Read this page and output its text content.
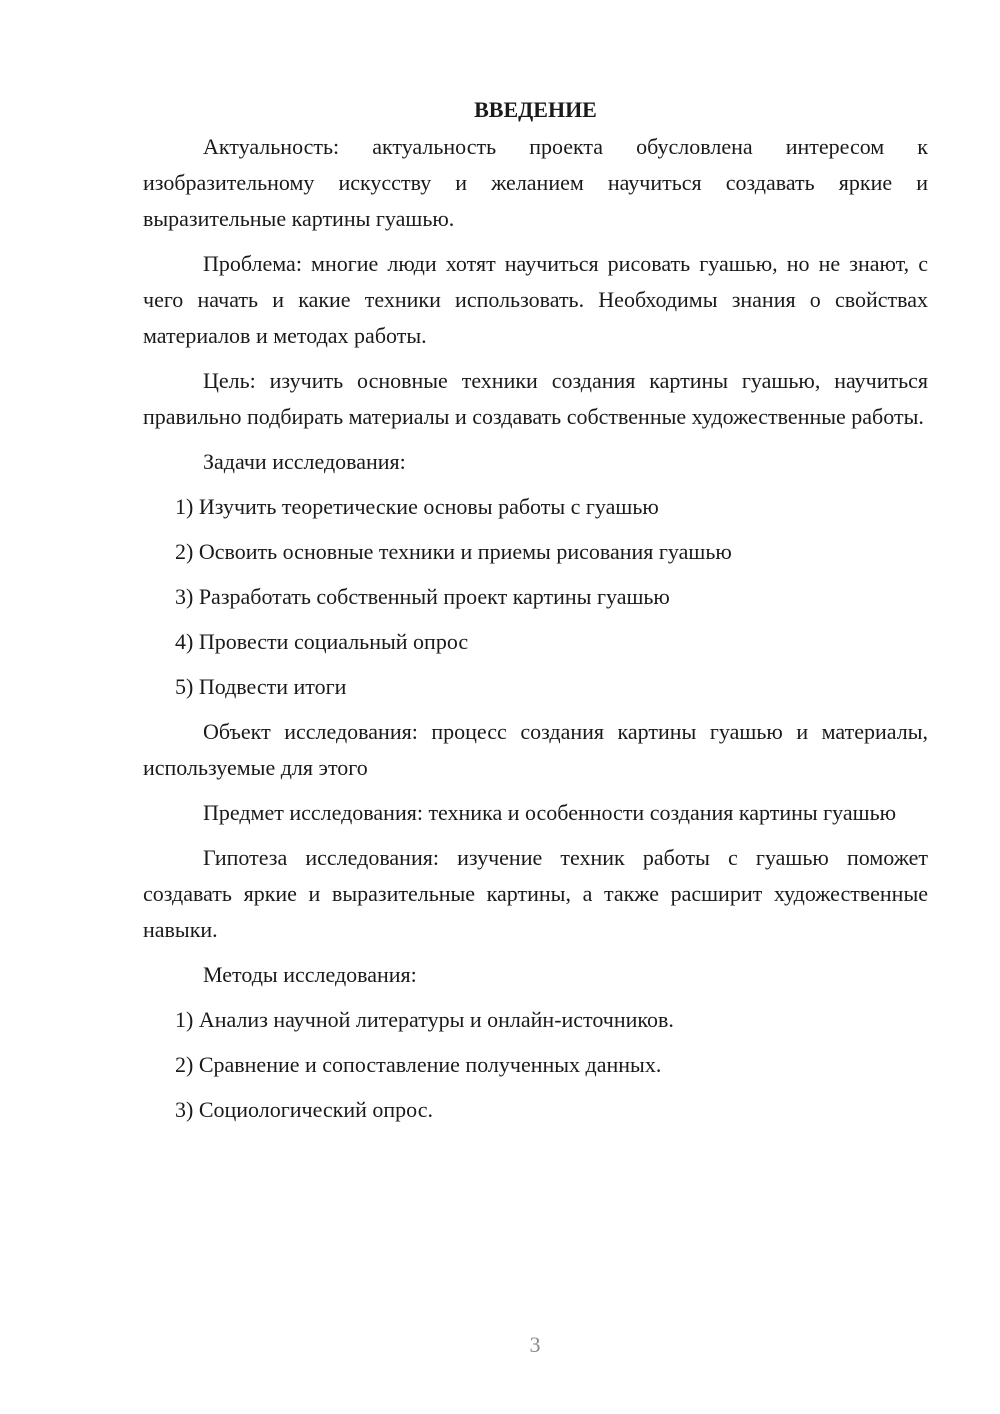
ВВЕДЕНИЕ

Актуальность: актуальность проекта обусловлена интересом к изобразительному искусству и желанием научиться создавать яркие и выразительные картины гуашью.

Проблема: многие люди хотят научиться рисовать гуашью, но не знают, с чего начать и какие техники использовать. Необходимы знания о свойствах материалов и методах работы.

Цель: изучить основные техники создания картины гуашью, научиться правильно подбирать материалы и создавать собственные художественные работы.

Задачи исследования:

1) Изучить теоретические основы работы с гуашью
2) Освоить основные техники и приемы рисования гуашью
3) Разработать собственный проект картины гуашью
4) Провести социальный опрос
5) Подвести итоги

Объект исследования: процесс создания картины гуашью и материалы, используемые для этого

Предмет исследования: техника и особенности создания картины гуашью

Гипотеза исследования: изучение техник работы с гуашью поможет создавать яркие и выразительные картины, а также расширит художественные навыки.

Методы исследования:

1) Анализ научной литературы и онлайн-источников.
2) Сравнение и сопоставление полученных данных.
3) Социологический опрос.
3
